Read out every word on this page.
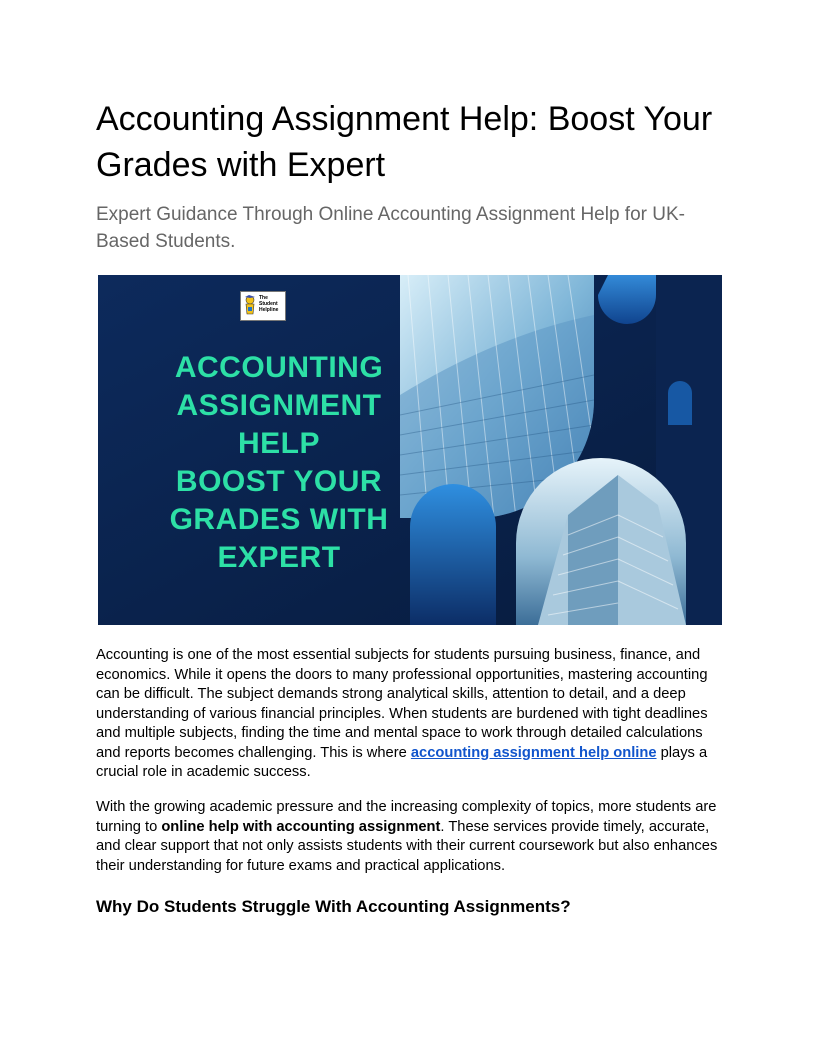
Accounting Assignment Help: Boost Your Grades with Expert

Expert Guidance Through Online Accounting Assignment Help for UK-Based Students.

The Student Helpline
ACCOUNTING
ASSIGNMENT
HELP
BOOST YOUR
GRADES WITH
EXPERT

Accounting is one of the most essential subjects for students pursuing business, finance, and economics. While it opens the doors to many professional opportunities, mastering accounting can be difficult. The subject demands strong analytical skills, attention to detail, and a deep understanding of various financial principles. When students are burdened with tight deadlines and multiple subjects, finding the time and mental space to work through detailed calculations and reports becomes challenging. This is where accounting assignment help online plays a crucial role in academic success.

With the growing academic pressure and the increasing complexity of topics, more students are turning to online help with accounting assignment. These services provide timely, accurate, and clear support that not only assists students with their current coursework but also enhances their understanding for future exams and practical applications.

Why Do Students Struggle With Accounting Assignments?
